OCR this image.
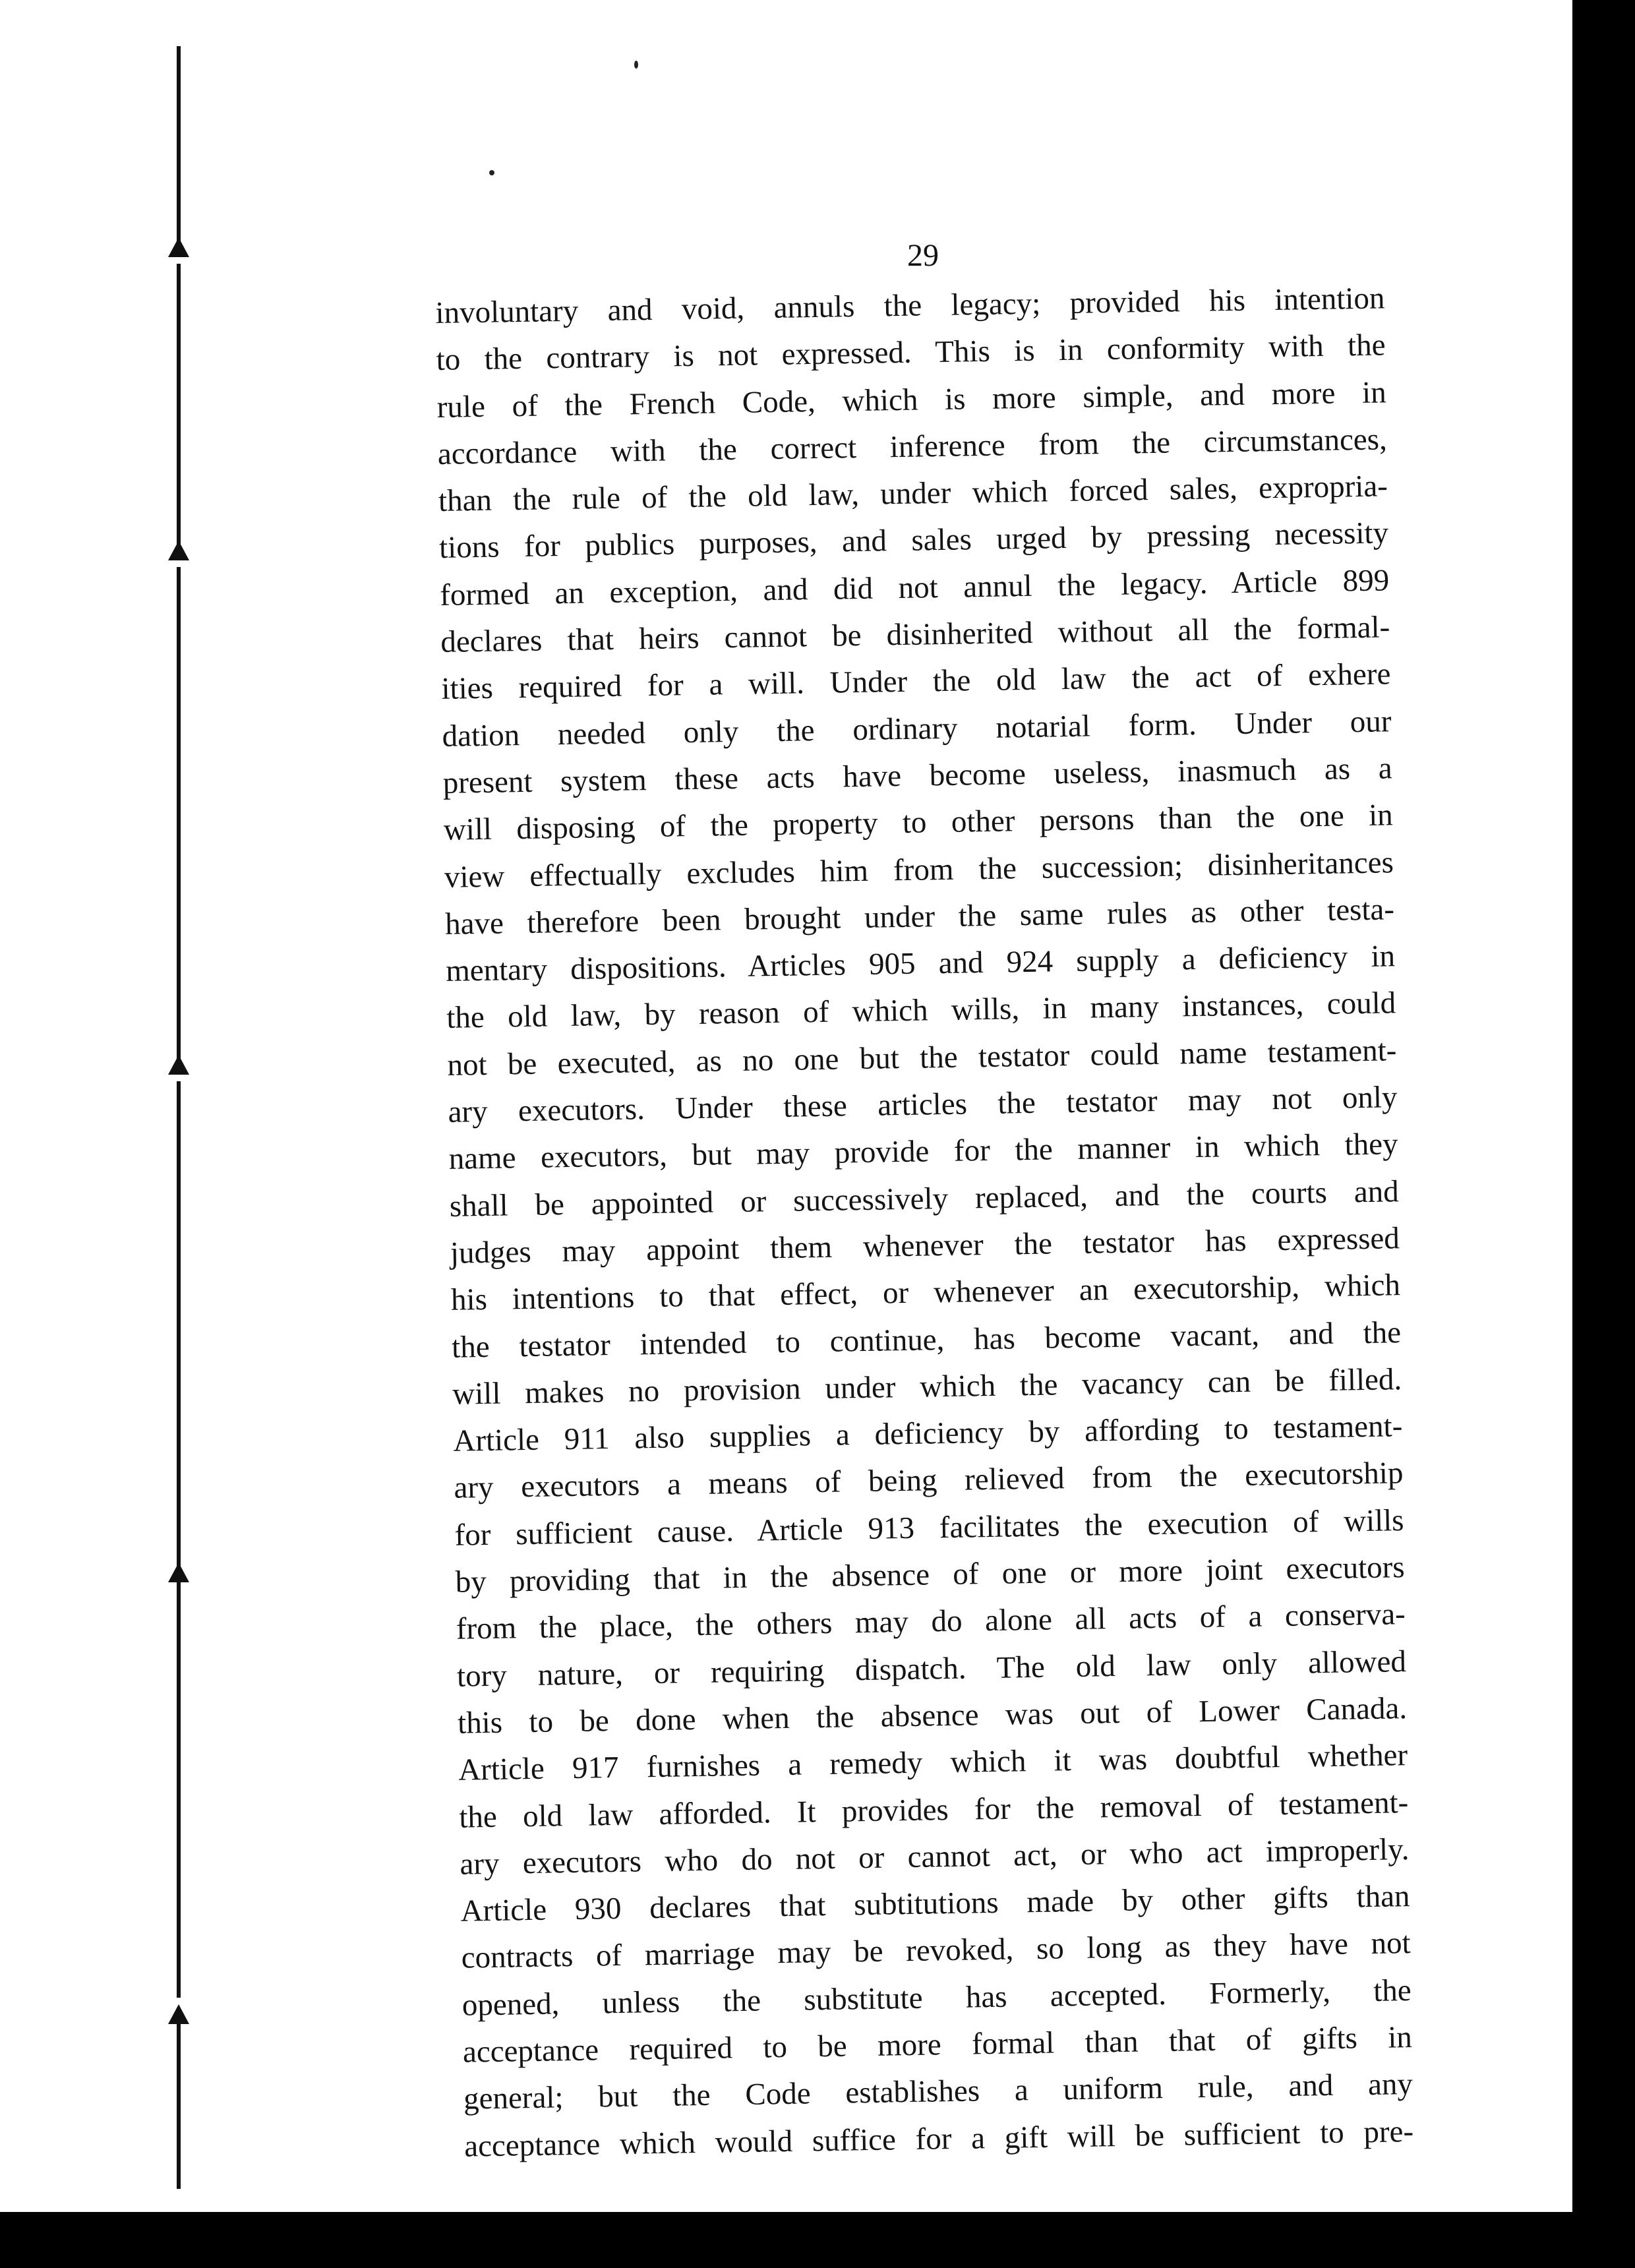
29
involuntary and void, annuls the legacy; provided his intention
to the contrary is not expressed. This is in conformity with the
rule of the French Code, which is more simple, and more in
accordance with the correct inference from the circumstances,
than the rule of the old law, under which forced sales, expropria-
tions for publics purposes, and sales urged by pressing necessity
formed an exception, and did not annul the legacy. Article 899
declares that heirs cannot be disinherited without all the formal-
ities required for a will. Under the old law the act of exhere
dation needed only the ordinary notarial form. Under our
present system these acts have become useless, inasmuch as a
will disposing of the property to other persons than the one in
view effectually excludes him from the succession; disinheritances
have therefore been brought under the same rules as other testa-
mentary dispositions. Articles 905 and 924 supply a deficiency in
the old law, by reason of which wills, in many instances, could
not be executed, as no one but the testator could name testament-
ary executors. Under these articles the testator may not only
name executors, but may provide for the manner in which they
shall be appointed or successively replaced, and the courts and
judges may appoint them whenever the testator has expressed
his intentions to that effect, or whenever an executorship, which
the testator intended to continue, has become vacant, and the
will makes no provision under which the vacancy can be filled.
Article 911 also supplies a deficiency by affording to testament-
ary executors a means of being relieved from the executorship
for sufficient cause. Article 913 facilitates the execution of wills
by providing that in the absence of one or more joint executors
from the place, the others may do alone all acts of a conserva-
tory nature, or requiring dispatch. The old law only allowed
this to be done when the absence was out of Lower Canada.
Article 917 furnishes a remedy which it was doubtful whether
the old law afforded. It provides for the removal of testament-
ary executors who do not or cannot act, or who act improperly.
Article 930 declares that subtitutions made by other gifts than
contracts of marriage may be revoked, so long as they have not
opened, unless the substitute has accepted. Formerly, the
acceptance required to be more formal than that of gifts in
general; but the Code establishes a uniform rule, and any
acceptance which would suffice for a gift will be sufficient to pre-
